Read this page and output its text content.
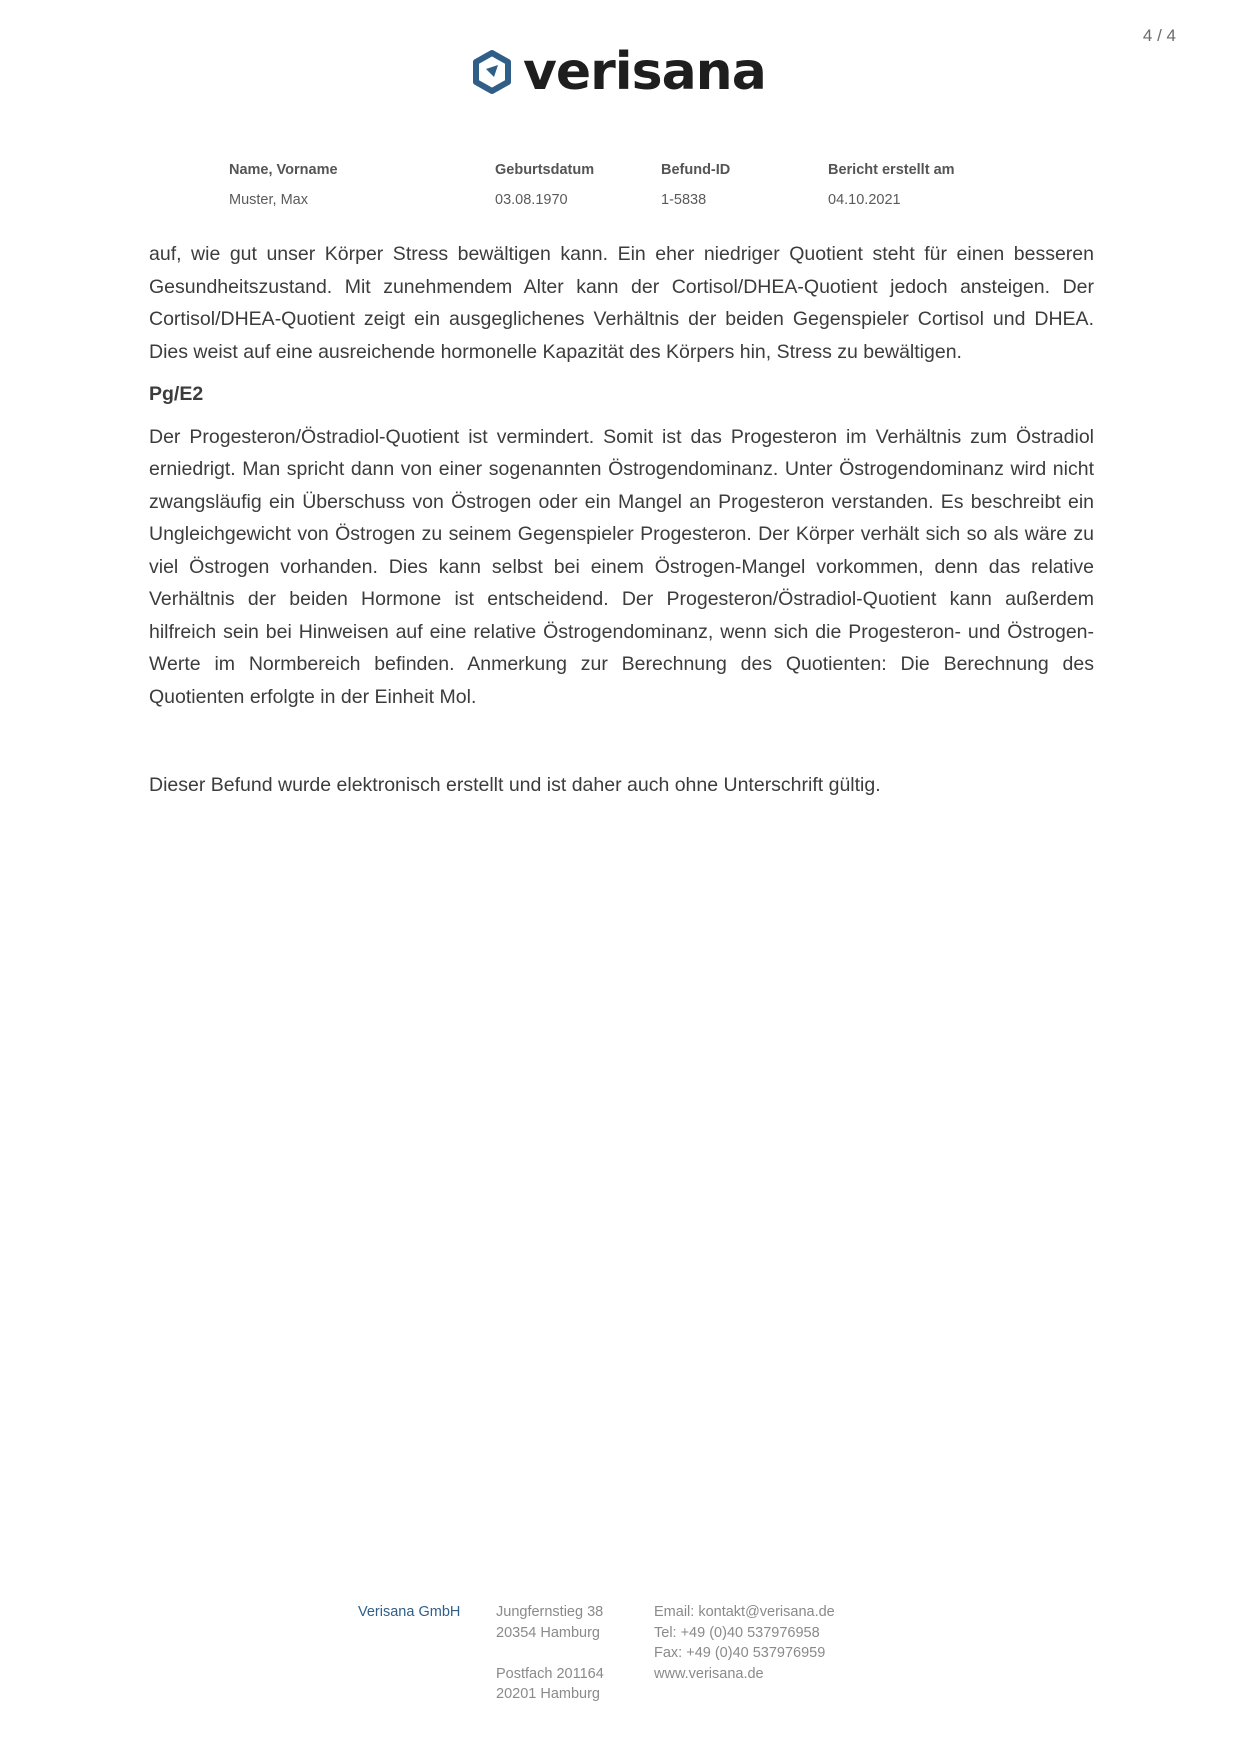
4 / 4
verisana
Name, Vorname
Muster, Max
Geburtsdatum
03.08.1970
Befund-ID
1-5838
Bericht erstellt am
04.10.2021

auf, wie gut unser Körper Stress bewältigen kann. Ein eher niedriger Quotient steht für einen besseren Gesundheitszustand. Mit zunehmendem Alter kann der Cortisol/DHEA-Quotient jedoch ansteigen. Der Cortisol/DHEA-Quotient zeigt ein ausgeglichenes Verhältnis der beiden Gegenspieler Cortisol und DHEA. Dies weist auf eine ausreichende hormonelle Kapazität des Körpers hin, Stress zu bewältigen.

Pg/E2

Der Progesteron/Östradiol-Quotient ist vermindert. Somit ist das Progesteron im Verhältnis zum Östradiol erniedrigt. Man spricht dann von einer sogenannten Östrogendominanz. Unter Östrogendominanz wird nicht zwangsläufig ein Überschuss von Östrogen oder ein Mangel an Progesteron verstanden. Es beschreibt ein Ungleichgewicht von Östrogen zu seinem Gegenspieler Progesteron. Der Körper verhält sich so als wäre zu viel Östrogen vorhanden. Dies kann selbst bei einem Östrogen-Mangel vorkommen, denn das relative Verhältnis der beiden Hormone ist entscheidend. Der Progesteron/Östradiol-Quotient kann außerdem hilfreich sein bei Hinweisen auf eine relative Östrogendominanz, wenn sich die Progesteron- und Östrogen-Werte im Normbereich befinden. Anmerkung zur Berechnung des Quotienten: Die Berechnung des Quotienten erfolgte in der Einheit Mol.

Dieser Befund wurde elektronisch erstellt und ist daher auch ohne Unterschrift gültig.

Verisana GmbH Jungfernstieg 38
20354 Hamburg
Postfach 201164
20201 Hamburg
Email: kontakt@verisana.de
Tel: +49 (0)40 537976958
Fax: +49 (0)40 537976959
www.verisana.de
